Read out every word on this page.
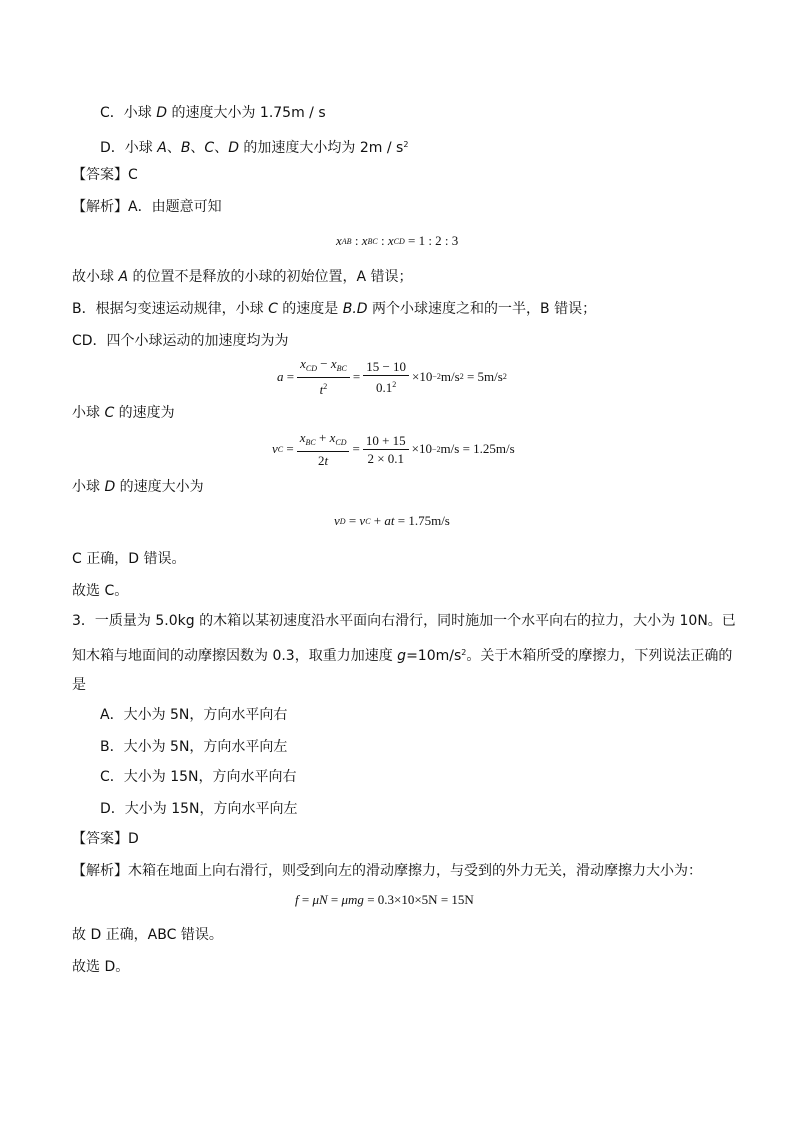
C．小球 D 的速度大小为 1.75m / s
D．小球 A、B、C、D 的加速度大小均为 $2m / s^2$
【答案】C
【解析】A．由题意可知
x AB : x BC : x CD = 1 : 2 : 3
故小球 A 的位置不是释放的小球的初始位置，A 错误；
B．根据匀变速运动规律，小球 C 的速度是 B.D 两个小球速度之和的一半，B 错误；
CD．四个小球运动的加速度均为为
$a = \frac{x_{CD} - x_{BC}}{t^2} = \frac{15 - 10}{0.1^2} \times 10 -2$ m/s 2 = 5m/s 2
小球 C 的速度为
v $C = \frac{x_{BC} + x_{CD}}{2t} = \frac{10 + 15}{2 \times 0.1} \times 10 -2$ m/s = 1.25m/s
小球 D 的速度大小为
v D = v C + at = 1.75m/s
C 正确，D 错误。
故选 C。
3．一质量为 5.0kg 的木箱以某初速度沿水平面向右滑行，同时施加一个水平向右的拉力，大小为 10N。已
知木箱与地面间的动摩擦因数为 0.3，取重力加速度 $g=10m/s^2$。关于木箱所受的摩擦力，下列说法正确的
是
A．大小为 5N，方向水平向右
B．大小为 5N，方向水平向左
C．大小为 15N，方向水平向右
D．大小为 15N，方向水平向左
【答案】D
【解析】木箱在地面上向右滑行，则受到向左的滑动摩擦力，与受到的外力无关，滑动摩擦力大小为：
f = μN = μmg = 0.3×10×5N = 15N
故 D 正确，ABC 错误。
故选 D。
